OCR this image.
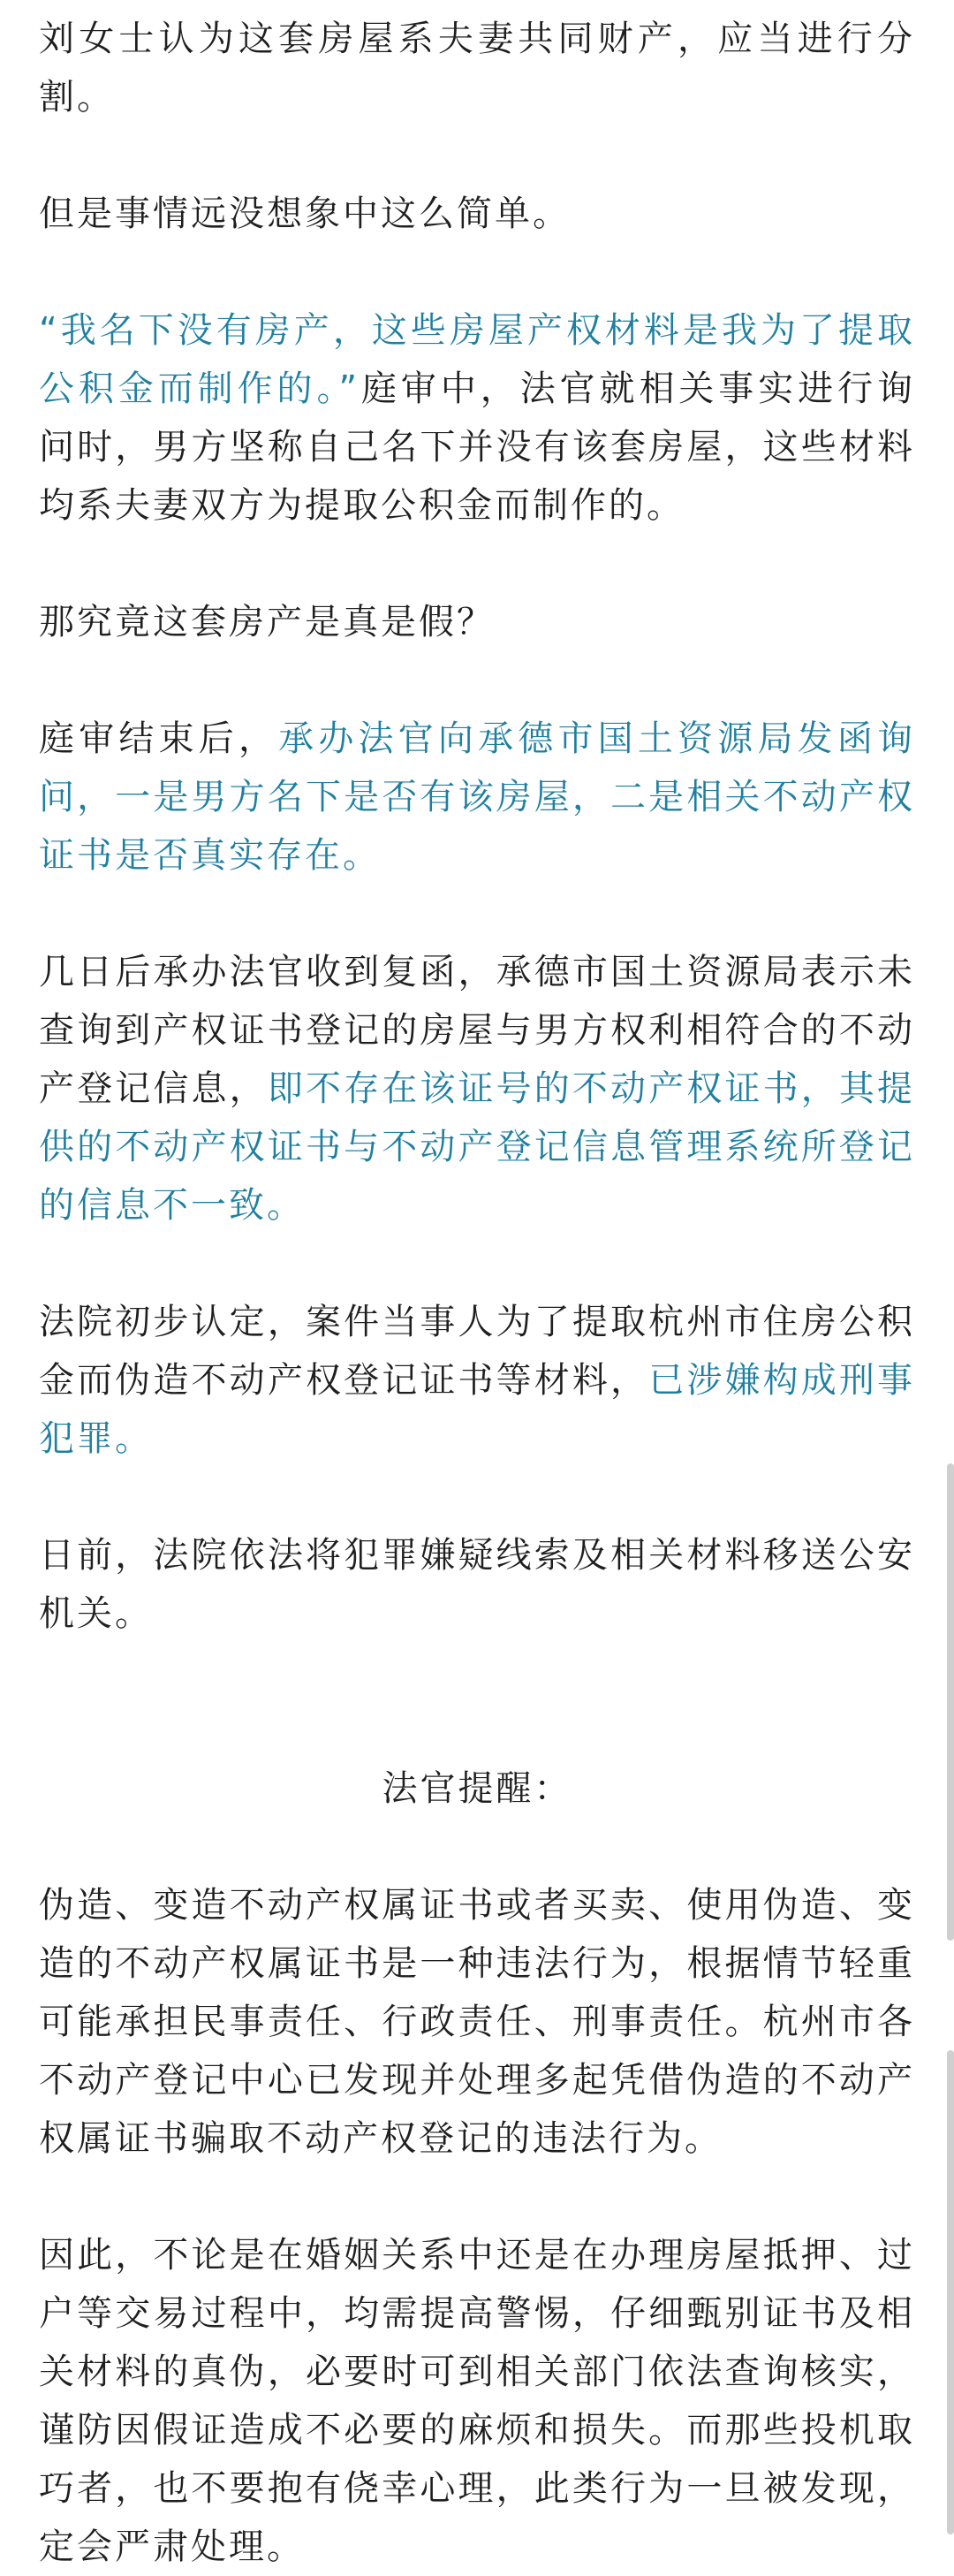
刘女士认为这套房屋系夫妻共同财产，应当进行分割。

但是事情远没想象中这么简单。

“我名下没有房产，这些房屋产权材料是我为了提取公积金而制作的。”庭审中，法官就相关事实进行询问时，男方坚称自己名下并没有该套房屋，这些材料均系夫妻双方为提取公积金而制作的。

那究竟这套房产是真是假？

庭审结束后，承办法官向承德市国土资源局发函询问，一是男方名下是否有该房屋，二是相关不动产权证书是否真实存在。

几日后承办法官收到复函，承德市国土资源局表示未查询到产权证书登记的房屋与男方权利相符合的不动产登记信息，即不存在该证号的不动产权证书，其提供的不动产权证书与不动产登记信息管理系统所登记的信息不一致。

法院初步认定，案件当事人为了提取杭州市住房公积金而伪造不动产权登记证书等材料，已涉嫌构成刑事犯罪。

日前，法院依法将犯罪嫌疑线索及相关材料移送公安机关。

法官提醒：

伪造、变造不动产权属证书或者买卖、使用伪造、变造的不动产权属证书是一种违法行为，根据情节轻重可能承担民事责任、行政责任、刑事责任。杭州市各不动产登记中心已发现并处理多起凭借伪造的不动产权属证书骗取不动产权登记的违法行为。

因此，不论是在婚姻关系中还是在办理房屋抵押、过户等交易过程中，均需提高警惕，仔细甄别证书及相关材料的真伪，必要时可到相关部门依法查询核实，谨防因假证造成不必要的麻烦和损失。而那些投机取巧者，也不要抱有侥幸心理，此类行为一旦被发现，定会严肃处理。
